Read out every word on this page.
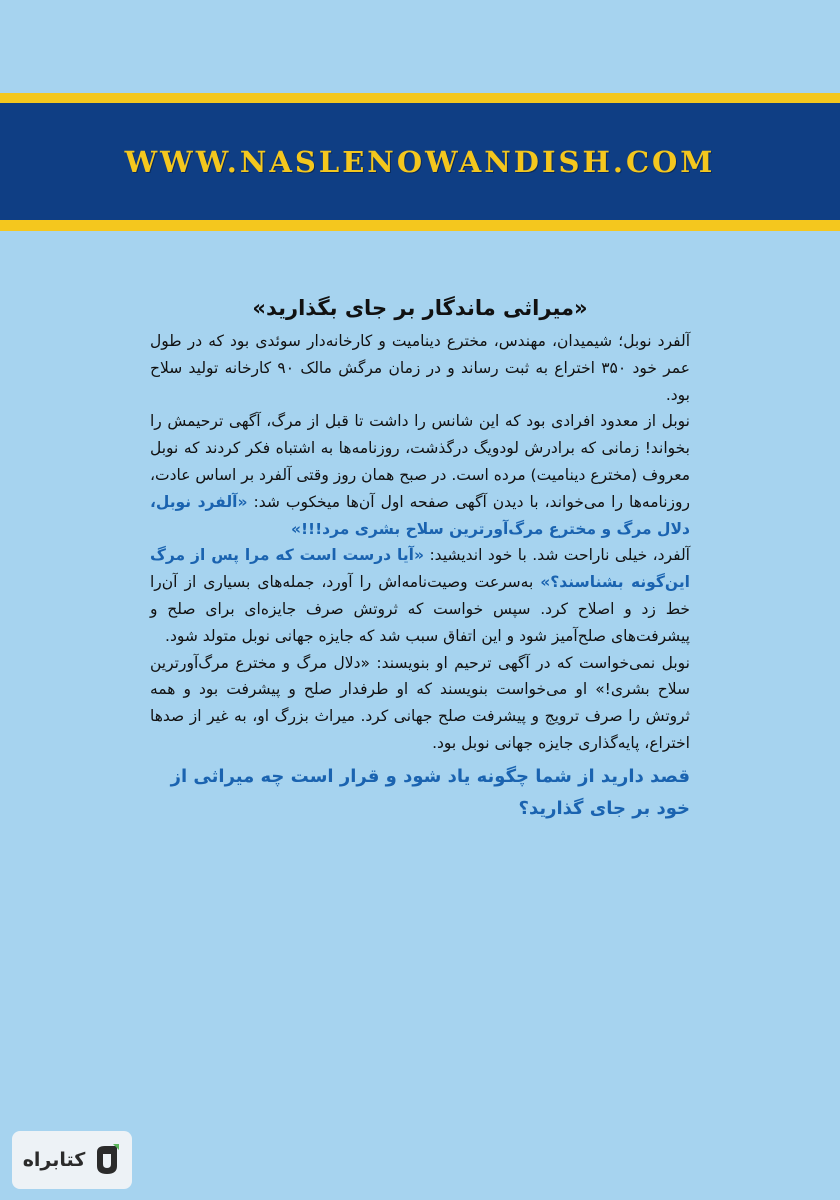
WWW.NASLENOWANDISH.COM
«میراثی ماندگار بر جای بگذارید»

آلفرد نوبل؛ شیمیدان، مهندس، مخترع دینامیت و کارخانه‌دار سوئدی بود که در طول عمر خود ۳۵۰ اختراع به ثبت رساند و در زمان مرگش مالک ۹۰ کارخانه تولید سلاح بود.

نوبل از معدود افرادی بود که این شانس را داشت تا قبل از مرگ، آگهی ترحیمش را بخواند! زمانی که برادرش لودویگ درگذشت، روزنامه‌ها به اشتباه فکر کردند که نوبل معروف (مخترع دینامیت) مرده است. در صبح همان روز وقتی آلفرد بر اساس عادت، روزنامه‌ها را می‌خواند، با دیدن آگهی صفحه اول آن‌ها میخکوب شد: «آلفرد نوبل، دلال مرگ و مخترع مرگ‌آورترین سلاح بشری مرد!!!»

آلفرد، خیلی ناراحت شد. با خود اندیشید: «آیا درست است که مرا پس از مرگ این‌گونه بشناسند؟» به‌سرعت وصیت‌نامه‌اش را آورد، جمله‌های بسیاری از آن‌را خط زد و اصلاح کرد. سپس خواست که ثروتش صرف جایزه‌ای برای صلح و پیشرفت‌های صلح‌آمیز شود و این اتفاق سبب شد که جایزه جهانی نوبل متولد شود.

نوبل نمی‌خواست که در آگهی ترحیم او بنویسند: «دلال مرگ و مخترع مرگ‌آورترین سلاح بشری!» او می‌خواست بنویسند که او طرفدار صلح و پیشرفت بود و همه ثروتش را صرف ترویج و پیشرفت صلح جهانی کرد. میراث بزرگ او، به غیر از صدها اختراع، پایه‌گذاری جایزه جهانی نوبل بود.

قصد دارید از شما چگونه یاد شود و قرار است چه میراثی از خود بر جای گذارید؟
کتابراه
